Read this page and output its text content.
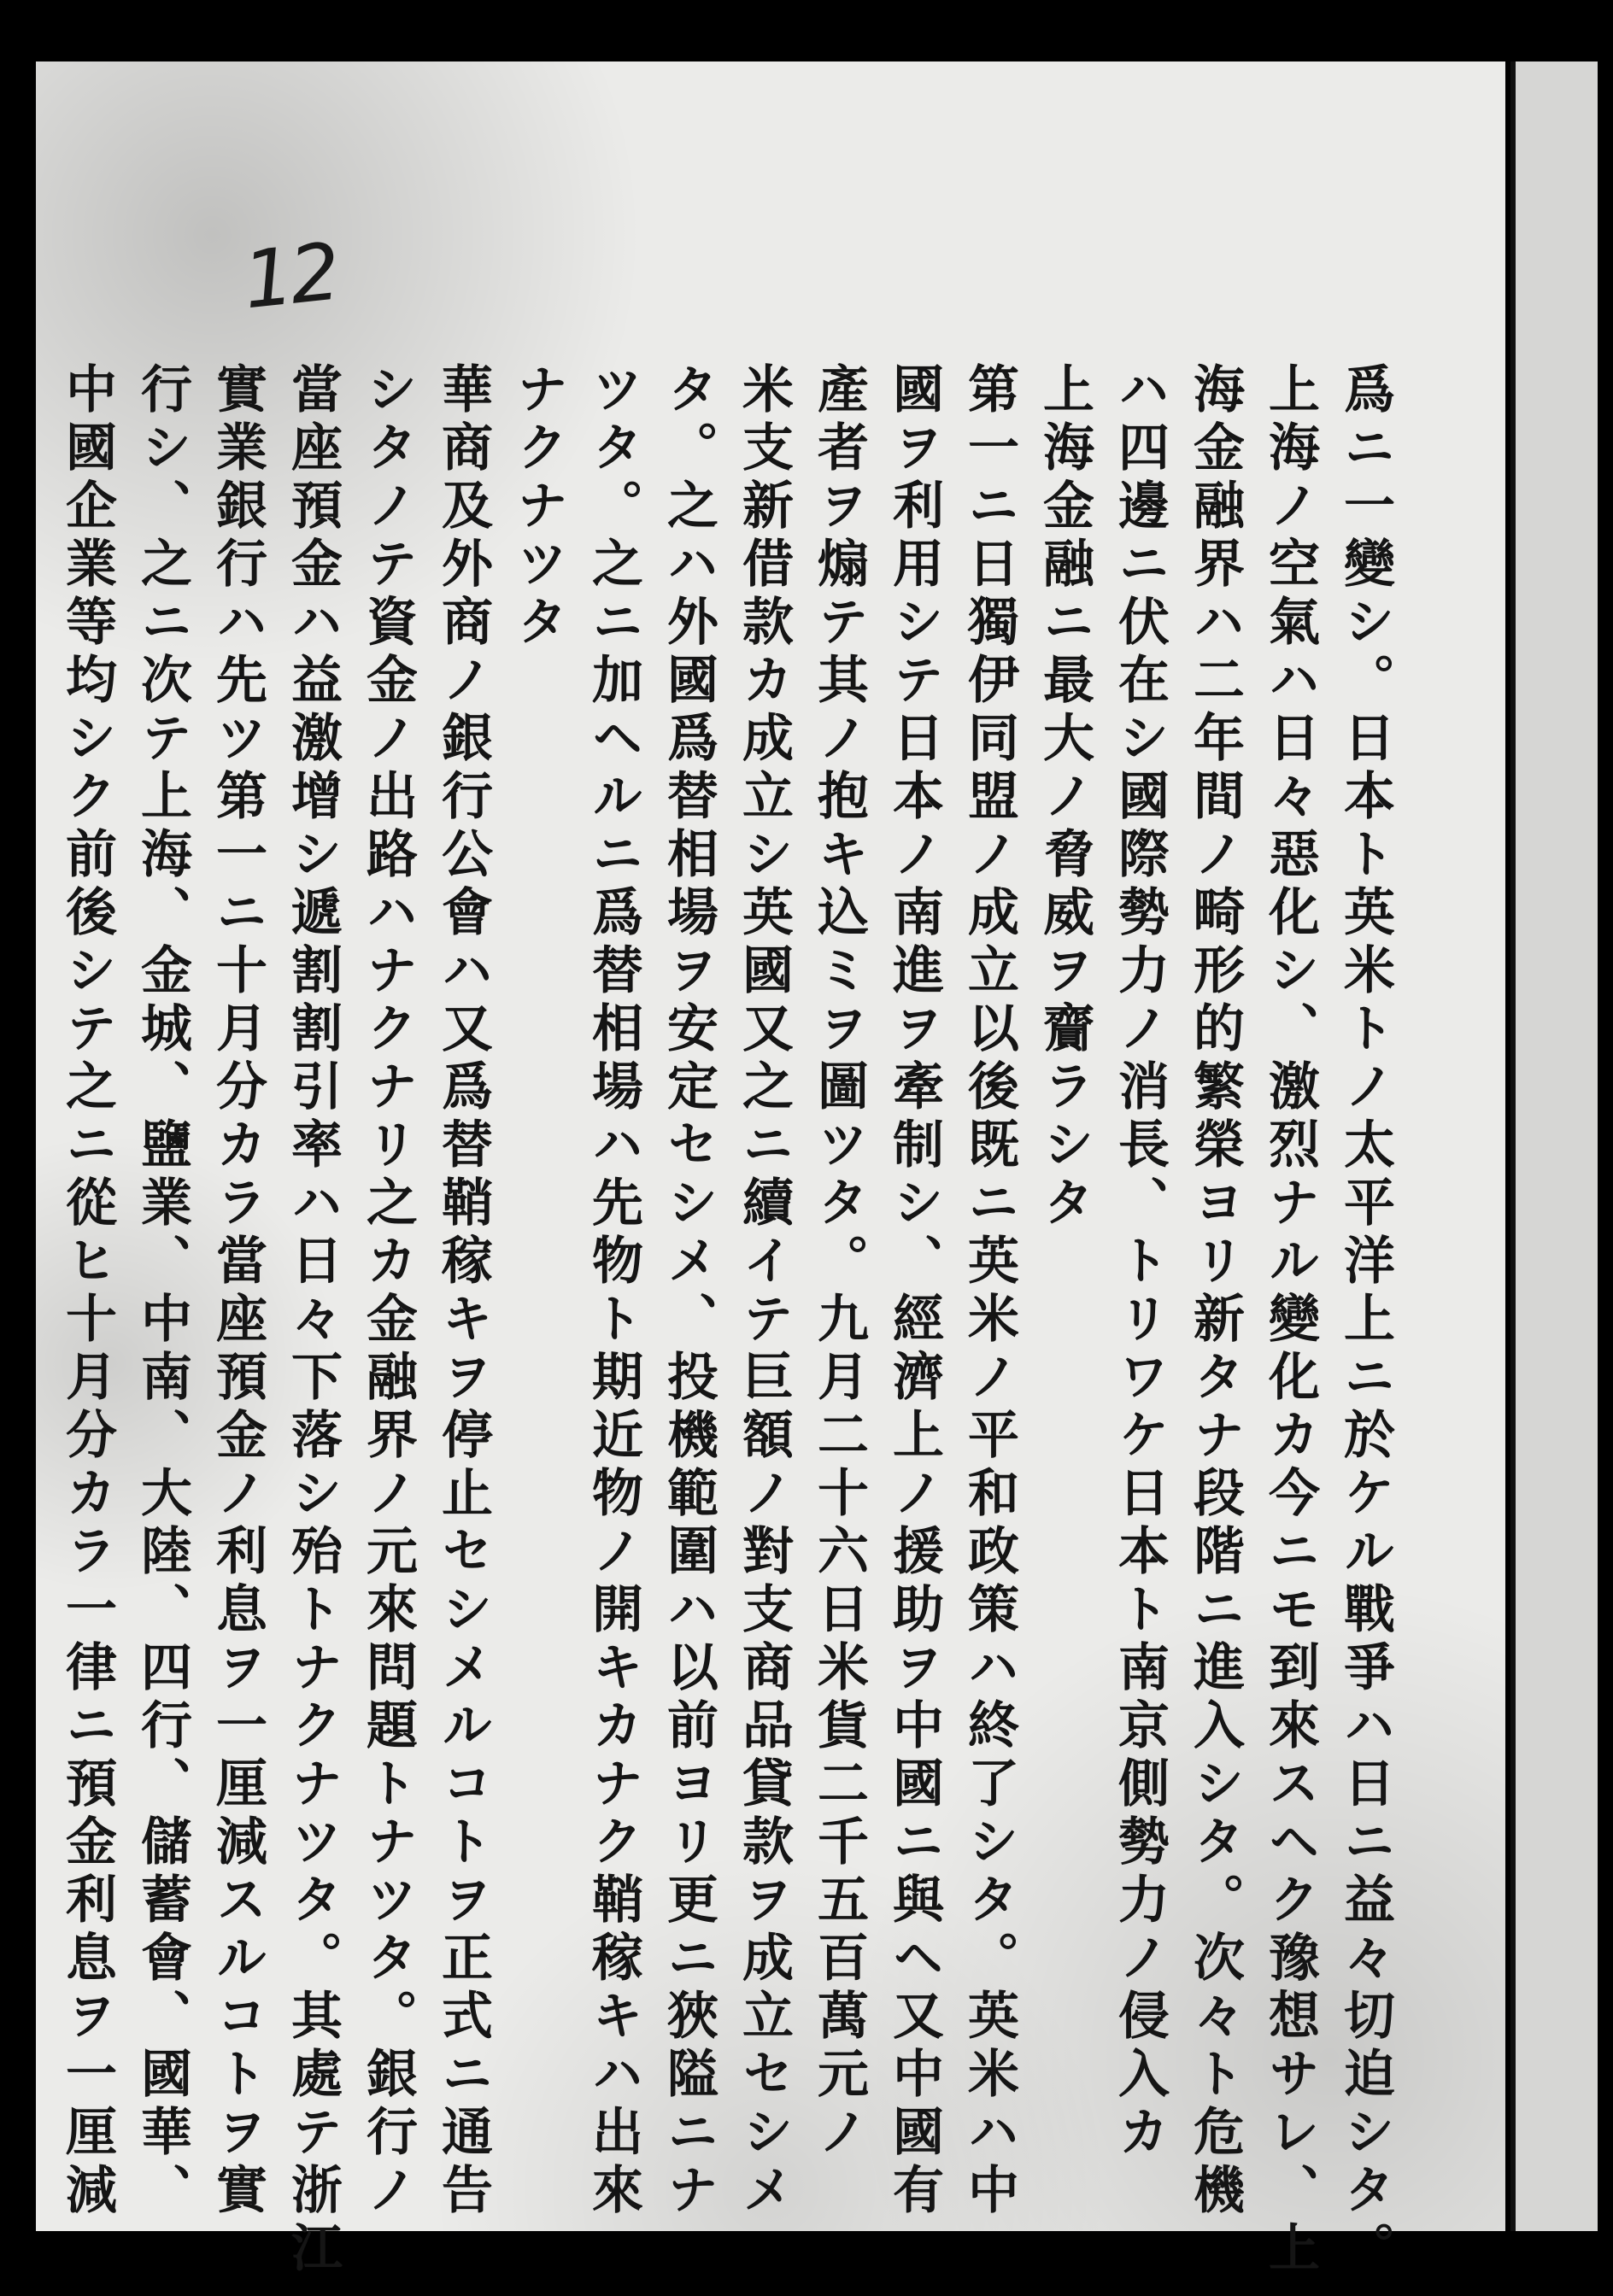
12
爲ニ一變シ。日本ト英米トノ太平洋上ニ於ケル戰爭ハ日ニ益々切迫シタ。
上海ノ空氣ハ日々惡化シ、激烈ナル變化カ今ニモ到來スヘク豫想サレ、上
海金融界ハ二年間ノ畸形的繁榮ヨリ新タナ段階ニ進入シタ。次々ト危機
ハ四邊ニ伏在シ國際勢力ノ消長、トリワケ日本ト南京側勢力ノ侵入カ
上海金融ニ最大ノ脅威ヲ齎ラシタ
第一ニ日獨伊同盟ノ成立以後既ニ英米ノ平和政策ハ終了シタ。英米ハ中
國ヲ利用シテ日本ノ南進ヲ牽制シ、經濟上ノ援助ヲ中國ニ與ヘ又中國有
產者ヲ煽テ其ノ抱キ込ミヲ圖ツタ。九月二十六日米貨二千五百萬元ノ
米支新借款カ成立シ英國又之ニ續イテ巨額ノ對支商品貸款ヲ成立セシメ
タ。之ハ外國爲替相場ヲ安定セシメ、投機範圍ハ以前ヨリ更ニ狹隘ニナ
ツタ。之ニ加ヘルニ爲替相場ハ先物ト期近物ノ開キカナク鞘稼キハ出來
ナクナツタ
華商及外商ノ銀行公會ハ又爲替鞘稼キヲ停止セシメルコトヲ正式ニ通告
シタノテ資金ノ出路ハナクナリ之カ金融界ノ元來問題トナツタ。銀行ノ
當座預金ハ益激增シ遞割割引率ハ日々下落シ殆トナクナツタ。其處テ浙江
實業銀行ハ先ツ第一ニ十月分カラ當座預金ノ利息ヲ一厘減スルコトヲ實
行シ、之ニ次テ上海、金城、鹽業、中南、大陸、四行、儲蓄會、國華、
中國企業等均シク前後シテ之ニ從ヒ十月分カラ一律ニ預金利息ヲ一厘減
